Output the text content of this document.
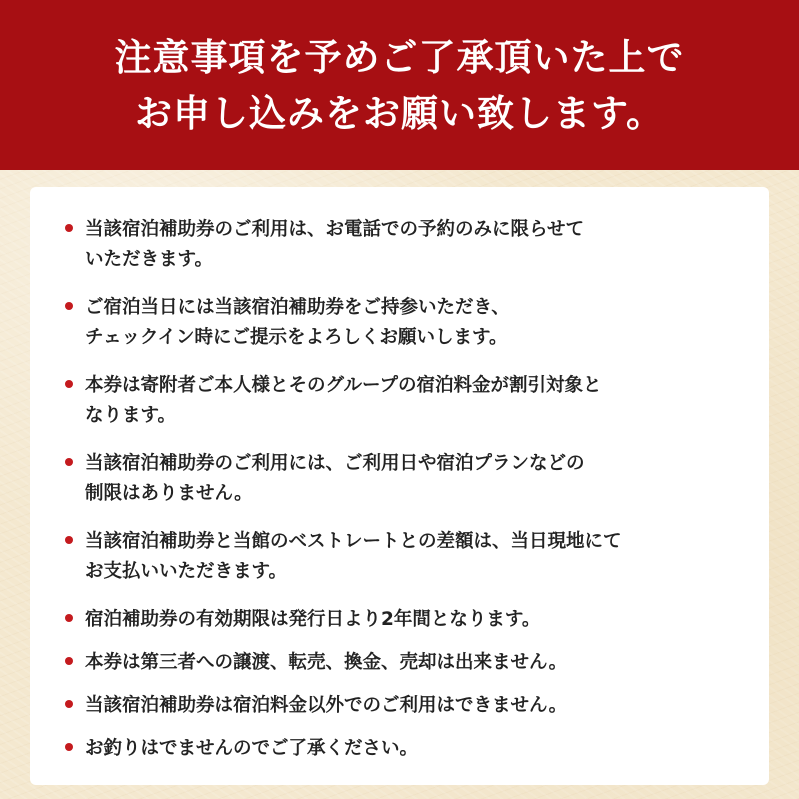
注意事項を予めご了承頂いた上で
お申し込みをお願い致します。
当該宿泊補助券のご利用は、お電話での予約のみに限らせて
いただきます。
ご宿泊当日には当該宿泊補助券をご持参いただき、
チェックイン時にご提示をよろしくお願いします。
本券は寄附者ご本人様とそのグループの宿泊料金が割引対象と
なります。
当該宿泊補助券のご利用には、ご利用日や宿泊プランなどの
制限はありません。
当該宿泊補助券と当館のベストレートとの差額は、当日現地にて
お支払いいただきます。
宿泊補助券の有効期限は発行日より2年間となります。
本券は第三者への譲渡、転売、換金、売却は出来ません。
当該宿泊補助券は宿泊料金以外でのご利用はできません。
お釣りはでませんのでご了承ください。
